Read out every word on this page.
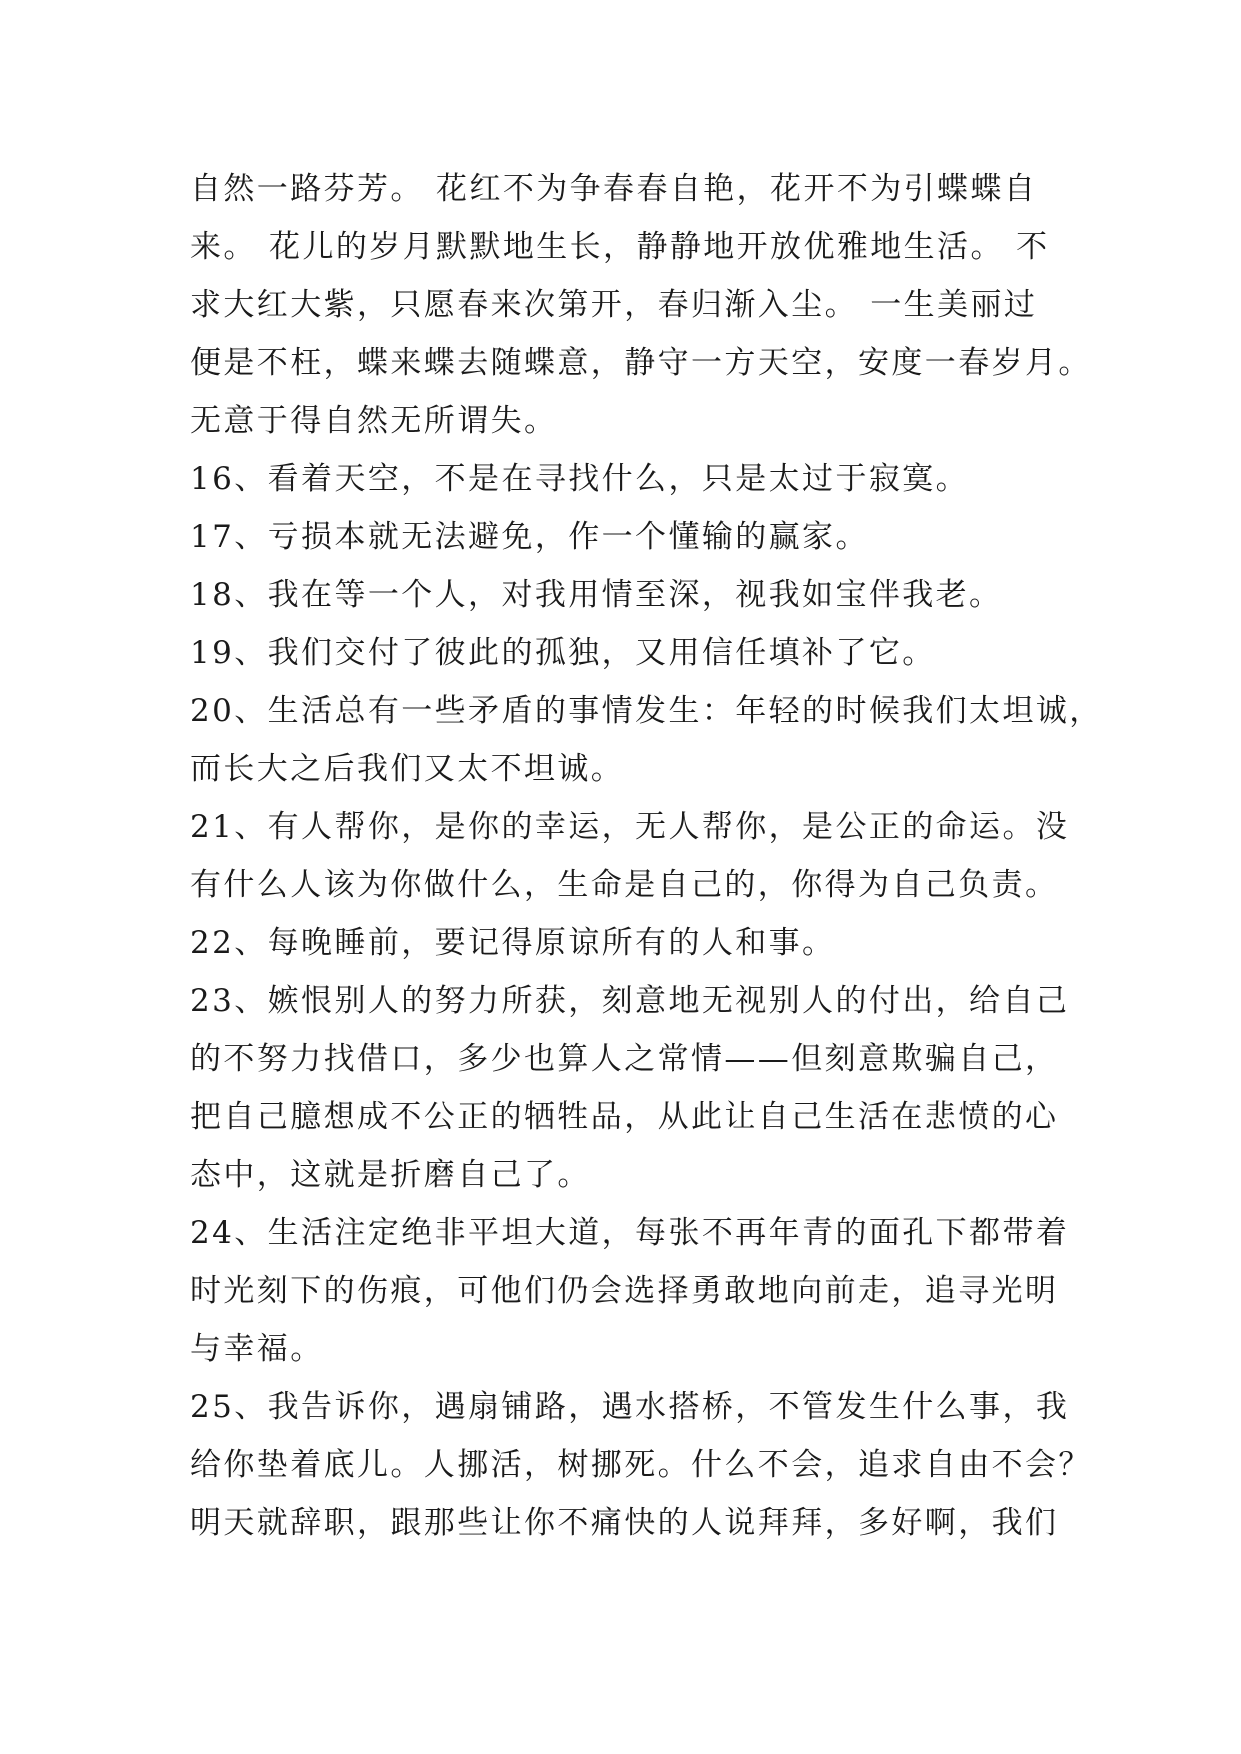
自然一路芬芳。 花红不为争春春自艳，花开不为引蝶蝶自
来。 花儿的岁月默默地生长，静静地开放优雅地生活。 不
求大红大紫，只愿春来次第开，春归渐入尘。 一生美丽过
便是不枉，蝶来蝶去随蝶意，静守一方天空，安度一春岁月。
无意于得自然无所谓失。
16、看着天空，不是在寻找什么，只是太过于寂寞。
17、亏损本就无法避免，作一个懂输的赢家。
18、我在等一个人，对我用情至深，视我如宝伴我老。
19、我们交付了彼此的孤独，又用信任填补了它。
20、生活总有一些矛盾的事情发生：年轻的时候我们太坦诚，
而长大之后我们又太不坦诚。
21、有人帮你，是你的幸运，无人帮你，是公正的命运。没
有什么人该为你做什么，生命是自己的，你得为自己负责。
22、每晚睡前，要记得原谅所有的人和事。
23、嫉恨别人的努力所获，刻意地无视别人的付出，给自己
的不努力找借口，多少也算人之常情——但刻意欺骗自己，
把自己臆想成不公正的牺牲品，从此让自己生活在悲愤的心
态中，这就是折磨自己了。
24、生活注定绝非平坦大道，每张不再年青的面孔下都带着
时光刻下的伤痕，可他们仍会选择勇敢地向前走，追寻光明
与幸福。
25、我告诉你，遇扇铺路，遇水搭桥，不管发生什么事，我
给你垫着底儿。人挪活，树挪死。什么不会，追求自由不会？
明天就辞职，跟那些让你不痛快的人说拜拜，多好啊，我们
